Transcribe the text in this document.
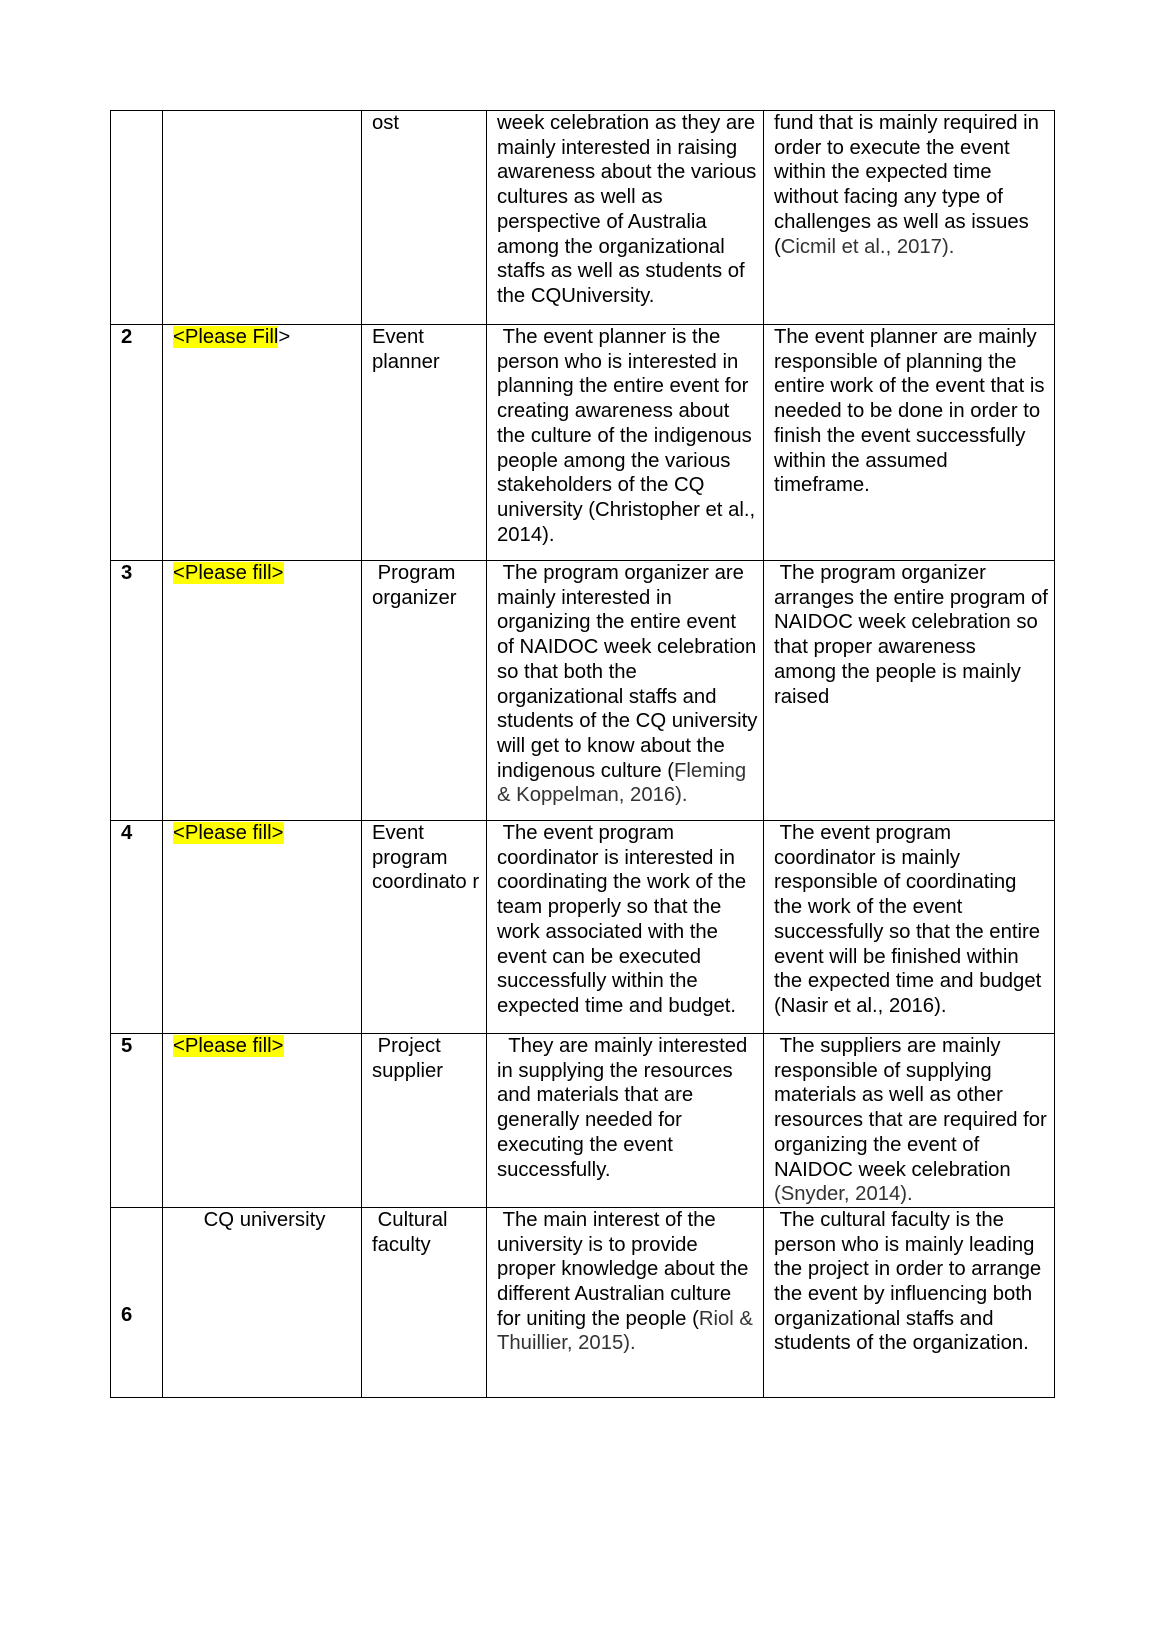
		ost	week celebration as they are mainly interested in raising awareness about the various cultures as well as perspective of Australia among the organizational staffs as well as students of the CQUniversity.	fund that is mainly required in order to execute the event within the expected time without facing any type of challenges as well as issues (Cicmil et al., 2017).
2	<Please Fill>	Event planner	The event planner is the person who is interested in planning the entire event for creating awareness about the culture of the indigenous people among the various stakeholders of the CQ university (Christopher et al., 2014).	The event planner are mainly responsible of planning the entire work of the event that is needed to be done in order to finish the event successfully within the assumed timeframe.
3	<Please fill>	Program organizer	The program organizer are mainly interested in organizing the entire event of NAIDOC week celebration so that both the organizational staffs and students of the CQ university will get to know about the indigenous culture (Fleming & Koppelman, 2016).	The program organizer arranges the entire program of NAIDOC week celebration so that proper awareness  among the people is mainly raised
4	<Please fill>	Event program coordinato r	The event program coordinator is interested in coordinating the work of the team properly so that the work associated with the event can be executed successfully within the expected time and budget.	The event program coordinator is mainly responsible of coordinating the work of the event successfully so that the entire event will be finished within the expected time and budget (Nasir et al., 2016).
5	<Please fill>	Project supplier	They are mainly interested in supplying the resources and materials that are generally needed for executing the event successfully.	The suppliers are mainly responsible of supplying materials as well as other resources that are required for organizing the event of NAIDOC week celebration (Snyder, 2014).
6	CQ university	Cultural faculty	The main interest of the university is to provide proper knowledge about the different Australian culture for uniting the people (Riol & Thuillier, 2015).	The cultural faculty is the person who is mainly leading the project in order to arrange the event by influencing both organizational staffs and students of the organization.
